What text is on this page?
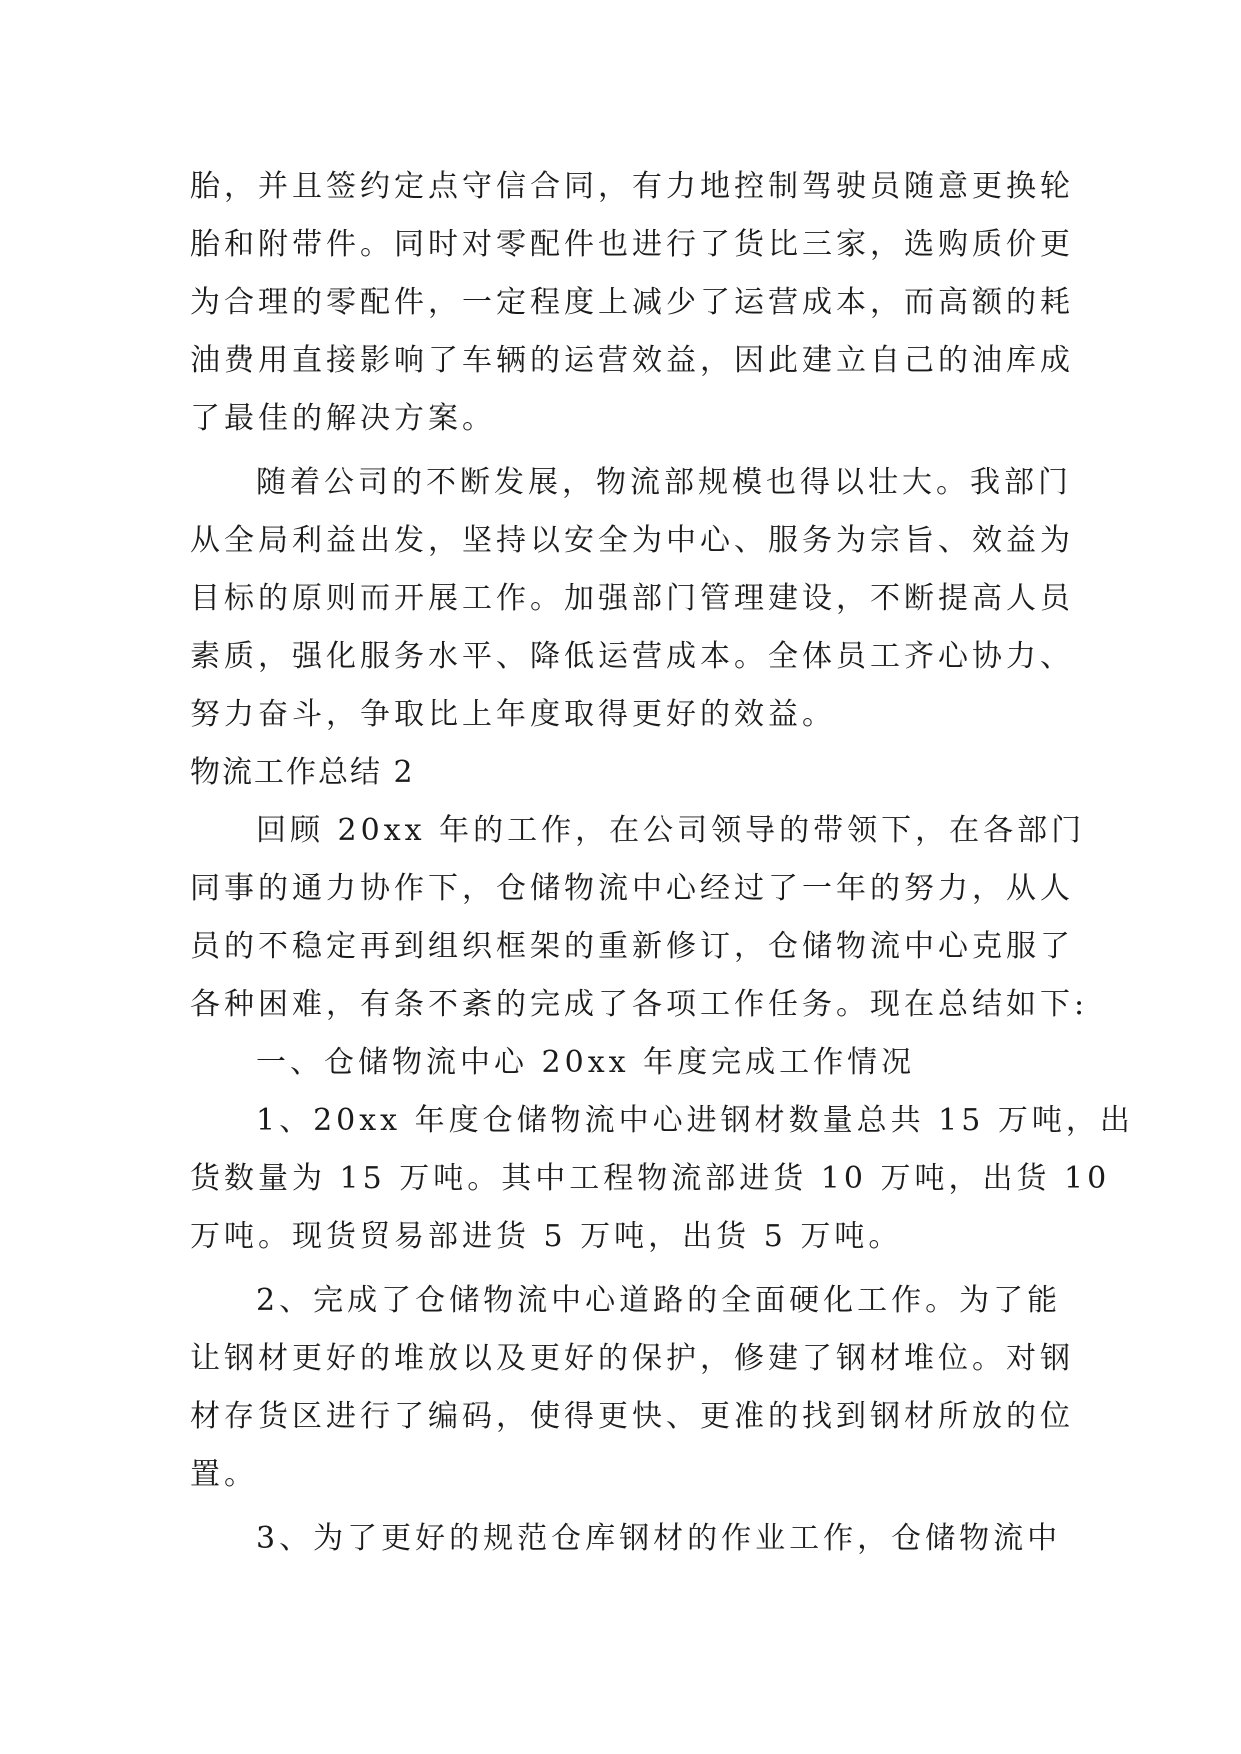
胎，并且签约定点守信合同，有力地控制驾驶员随意更换轮
胎和附带件。同时对零配件也进行了货比三家，选购质价更
为合理的零配件，一定程度上减少了运营成本，而高额的耗
油费用直接影响了车辆的运营效益，因此建立自己的油库成
了最佳的解决方案。
随着公司的不断发展，物流部规模也得以壮大。我部门
从全局利益出发，坚持以安全为中心、服务为宗旨、效益为
目标的原则而开展工作。加强部门管理建设，不断提高人员
素质，强化服务水平、降低运营成本。全体员工齐心协力、
努力奋斗，争取比上年度取得更好的效益。
物流工作总结 2
回顾 20xx 年的工作，在公司领导的带领下，在各部门
同事的通力协作下，仓储物流中心经过了一年的努力，从人
员的不稳定再到组织框架的重新修订，仓储物流中心克服了
各种困难，有条不紊的完成了各项工作任务。现在总结如下:
一、仓储物流中心 20xx 年度完成工作情况
1、20xx 年度仓储物流中心进钢材数量总共 15 万吨，出
货数量为 15 万吨。其中工程物流部进货 10 万吨，出货 10
万吨。现货贸易部进货 5 万吨，出货 5 万吨。
2、完成了仓储物流中心道路的全面硬化工作。为了能
让钢材更好的堆放以及更好的保护，修建了钢材堆位。对钢
材存货区进行了编码，使得更快、更准的找到钢材所放的位
置。
3、为了更好的规范仓库钢材的作业工作，仓储物流中
